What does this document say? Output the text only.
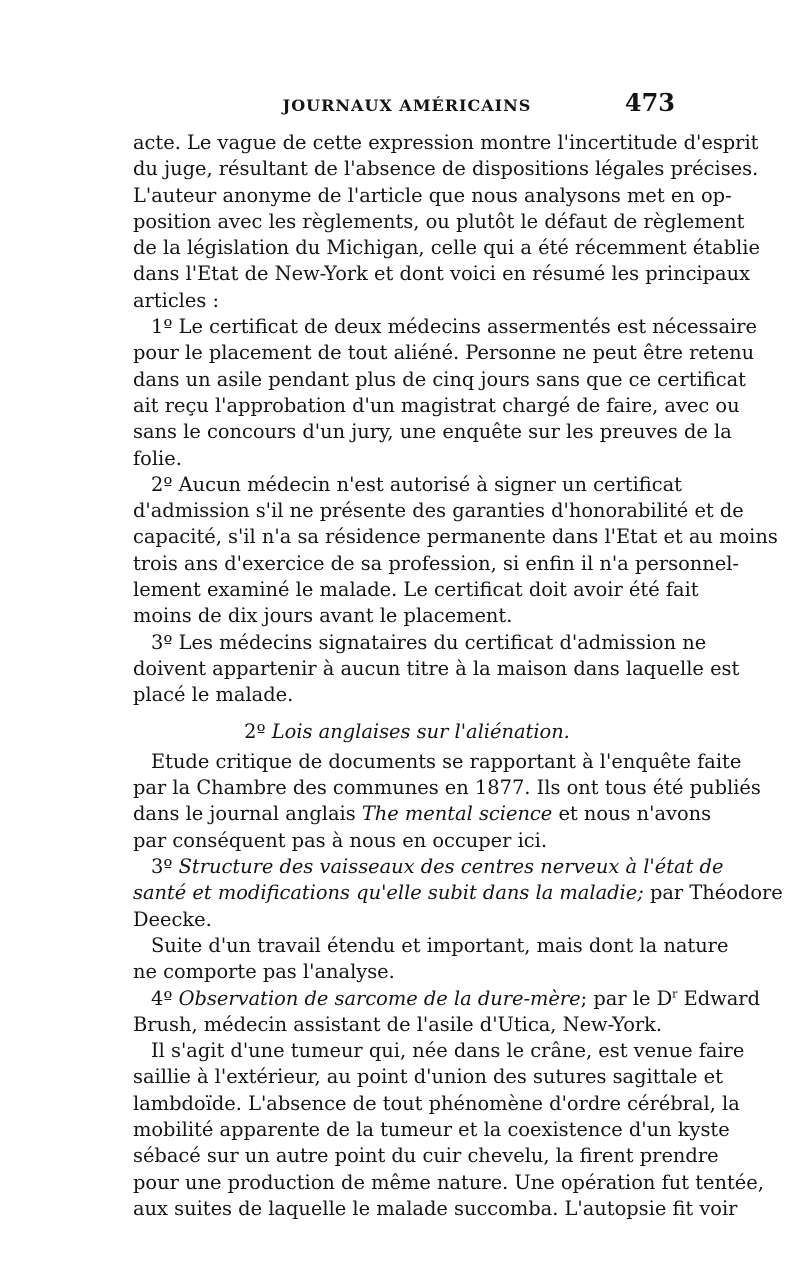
JOURNAUX AMÉRICAINS	473
acte. Le vague de cette expression montre l'incertitude d'esprit
du juge, résultant de l'absence de dispositions légales précises.
L'auteur anonyme de l'article que nous analysons met en op-
position avec les règlements, ou plutôt le défaut de règlement
de la législation du Michigan, celle qui a été récemment établie
dans l'Etat de New-York et dont voici en résumé les principaux
articles :
1º Le certificat de deux médecins assermentés est nécessaire
pour le placement de tout aliéné. Personne ne peut être retenu
dans un asile pendant plus de cinq jours sans que ce certificat
ait reçu l'approbation d'un magistrat chargé de faire, avec ou
sans le concours d'un jury, une enquête sur les preuves de la
folie.
2º Aucun médecin n'est autorisé à signer un certificat
d'admission s'il ne présente des garanties d'honorabilité et de
capacité, s'il n'a sa résidence permanente dans l'Etat et au moins
trois ans d'exercice de sa profession, si enfin il n'a personnel-
lement examiné le malade. Le certificat doit avoir été fait
moins de dix jours avant le placement.
3º Les médecins signataires du certificat d'admission ne
doivent appartenir à aucun titre à la maison dans laquelle est
placé le malade.
2º Lois anglaises sur l'aliénation.
Etude critique de documents se rapportant à l'enquête faite
par la Chambre des communes en 1877. Ils ont tous été publiés
dans le journal anglais The mental science et nous n'avons
par conséquent pas à nous en occuper ici.
3º Structure des vaisseaux des centres nerveux à l'état de
santé et modifications qu'elle subit dans la maladie; par Théodore
Deecke.
Suite d'un travail étendu et important, mais dont la nature
ne comporte pas l'analyse.
4º Observation de sarcome de la dure-mère; par le $D^r$ Edward
Brush, médecin assistant de l'asile d'Utica, New-York.
Il s'agit d'une tumeur qui, née dans le crâne, est venue faire
saillie à l'extérieur, au point d'union des sutures sagittale et
lambdoïde. L'absence de tout phénomène d'ordre cérébral, la
mobilité apparente de la tumeur et la coexistence d'un kyste
sébacé sur un autre point du cuir chevelu, la firent prendre
pour une production de même nature. Une opération fut tentée,
aux suites de laquelle le malade succomba. L'autopsie fit voir
